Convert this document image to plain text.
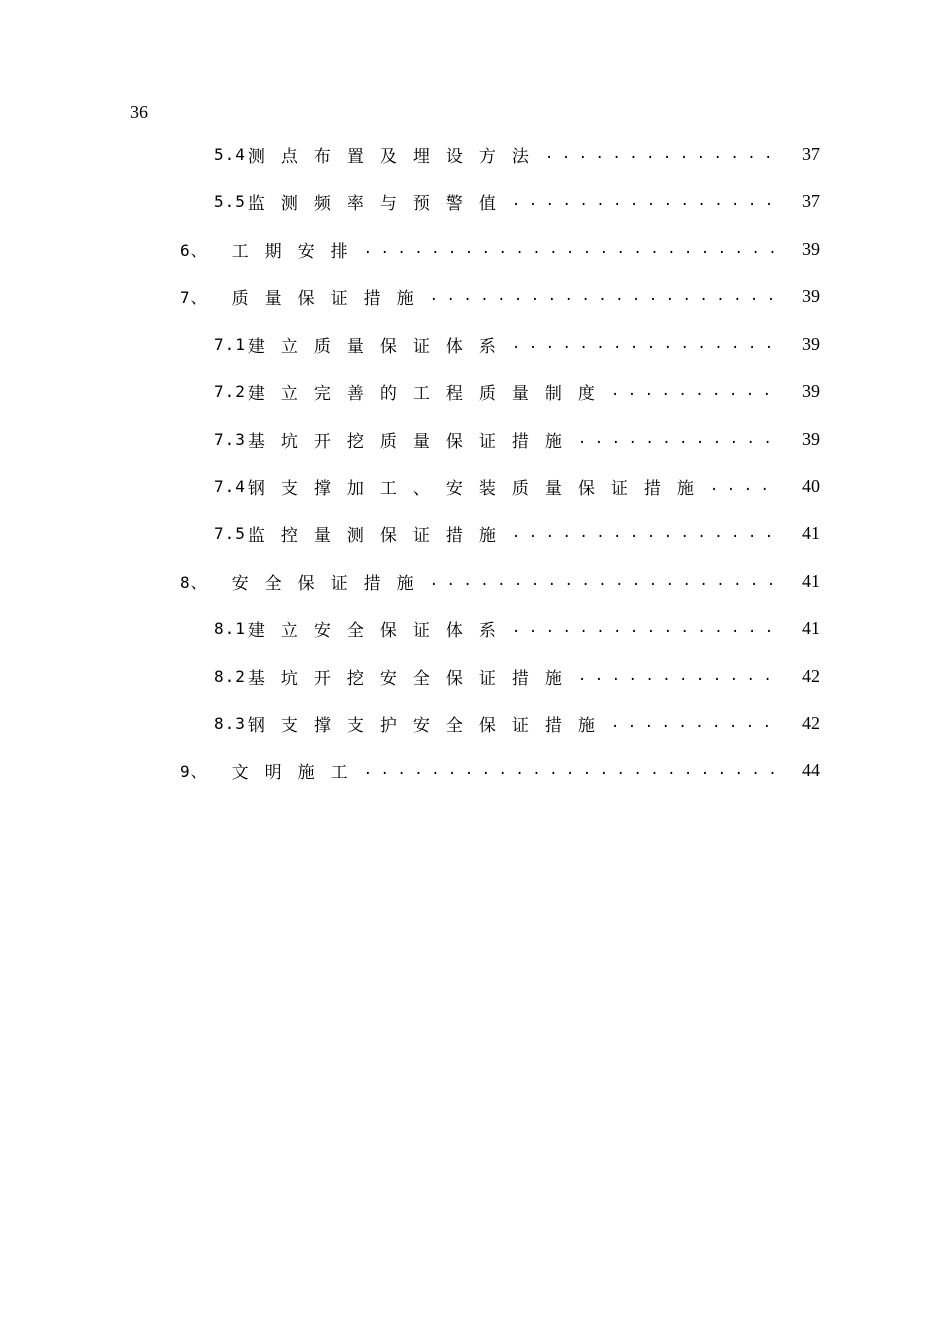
36
5.4 测点布置及埋设方法 . . .	37
5.5 监测频率与预警值 . . .	37
6、 工期安排 . . .	39
7、 质量保证措施 . . .	39
7.1 建立质量保证体系 . . .	39
7.2 建立完善的工程质量制度 . . .	39
7.3 基坑开挖质量保证措施 . . .	39
7.4 钢支撑加工、安装质量保证措施 . . .	40
7.5 监控量测保证措施 . . .	41
8、 安全保证措施 . . .	41
8.1 建立安全保证体系 . . .	41
8.2 基坑开挖安全保证措施 . . .	42
8.3 钢支撑支护安全保证措施 . . .	42
9、 文明施工 . . .	44
